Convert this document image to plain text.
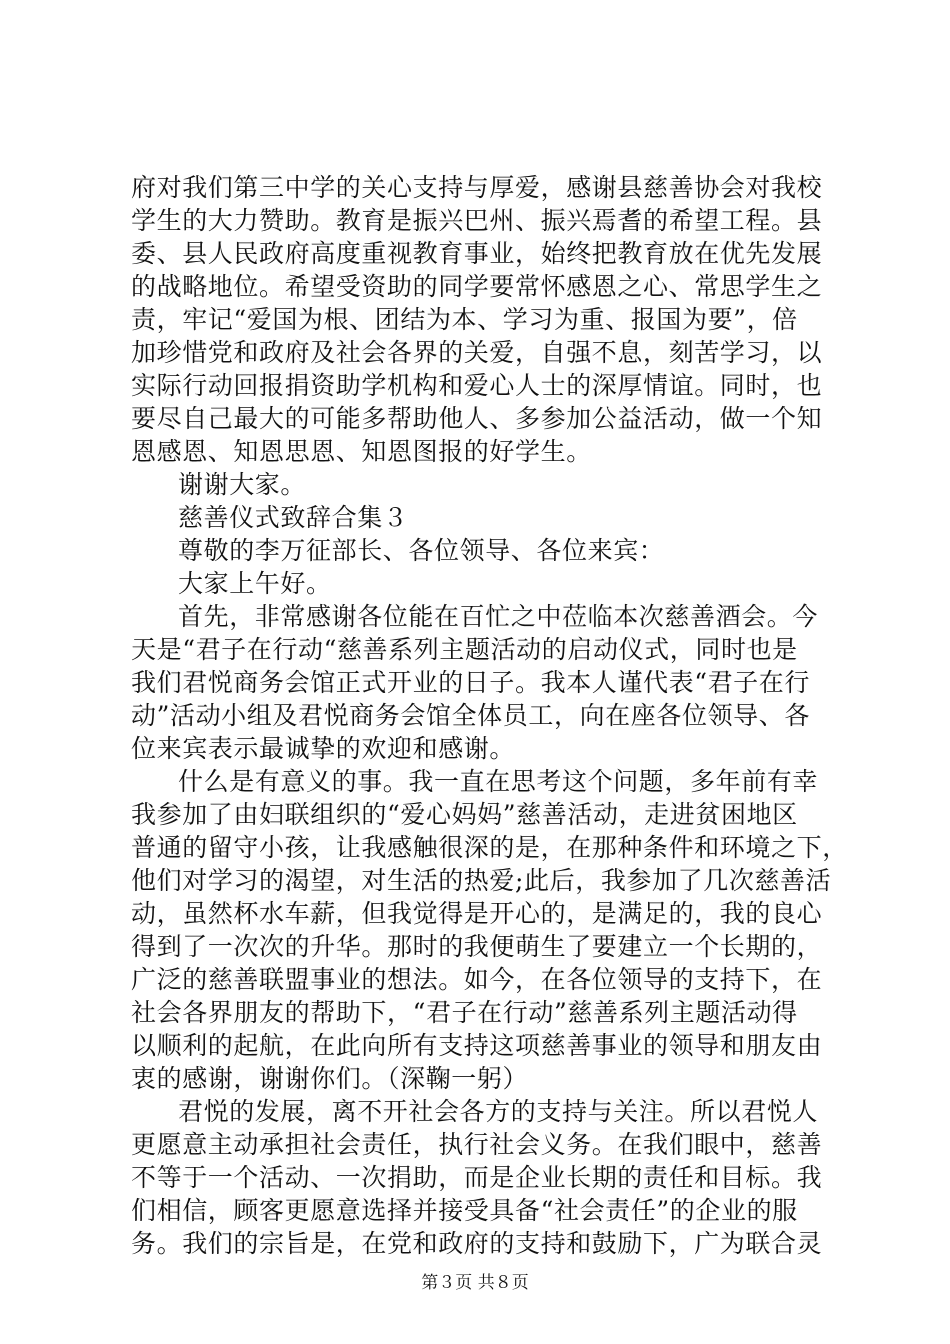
府对我们第三中学的关心支持与厚爱，感谢县慈善协会对我校
学生的大力赞助。教育是振兴巴州、振兴焉耆的希望工程。县
委、县人民政府高度重视教育事业，始终把教育放在优先发展
的战略地位。希望受资助的同学要常怀感恩之心、常思学生之
责，牢记“爱国为根、团结为本、学习为重、报国为要”，倍
加珍惜党和政府及社会各界的关爱，自强不息，刻苦学习，以
实际行动回报捐资助学机构和爱心人士的深厚情谊。同时，也
要尽自己最大的可能多帮助他人、多参加公益活动，做一个知
恩感恩、知恩思恩、知恩图报的好学生。
谢谢大家。
慈善仪式致辞合集３
尊敬的李万征部长、各位领导、各位来宾：
大家上午好。
首先，非常感谢各位能在百忙之中莅临本次慈善酒会。今
天是“君子在行动“慈善系列主题活动的启动仪式，同时也是
我们君悦商务会馆正式开业的日子。我本人谨代表“君子在行
动”活动小组及君悦商务会馆全体员工，向在座各位领导、各
位来宾表示最诚挚的欢迎和感谢。
什么是有意义的事。我一直在思考这个问题，多年前有幸
我参加了由妇联组织的“爱心妈妈”慈善活动，走进贫困地区
普通的留守小孩，让我感触很深的是，在那种条件和环境之下，
他们对学习的渴望，对生活的热爱;此后，我参加了几次慈善活
动，虽然杯水车薪，但我觉得是开心的，是满足的，我的良心
得到了一次次的升华。那时的我便萌生了要建立一个长期的，
广泛的慈善联盟事业的想法。如今，在各位领导的支持下，在
社会各界朋友的帮助下，“君子在行动”慈善系列主题活动得
以顺利的起航，在此向所有支持这项慈善事业的领导和朋友由
衷的感谢，谢谢你们。（深鞠一躬）
君悦的发展，离不开社会各方的支持与关注。所以君悦人
更愿意主动承担社会责任，执行社会义务。在我们眼中，慈善
不等于一个活动、一次捐助，而是企业长期的责任和目标。我
们相信，顾客更愿意选择并接受具备“社会责任”的企业的服
务。我们的宗旨是，在党和政府的支持和鼓励下，广为联合灵
第３页 共８页
